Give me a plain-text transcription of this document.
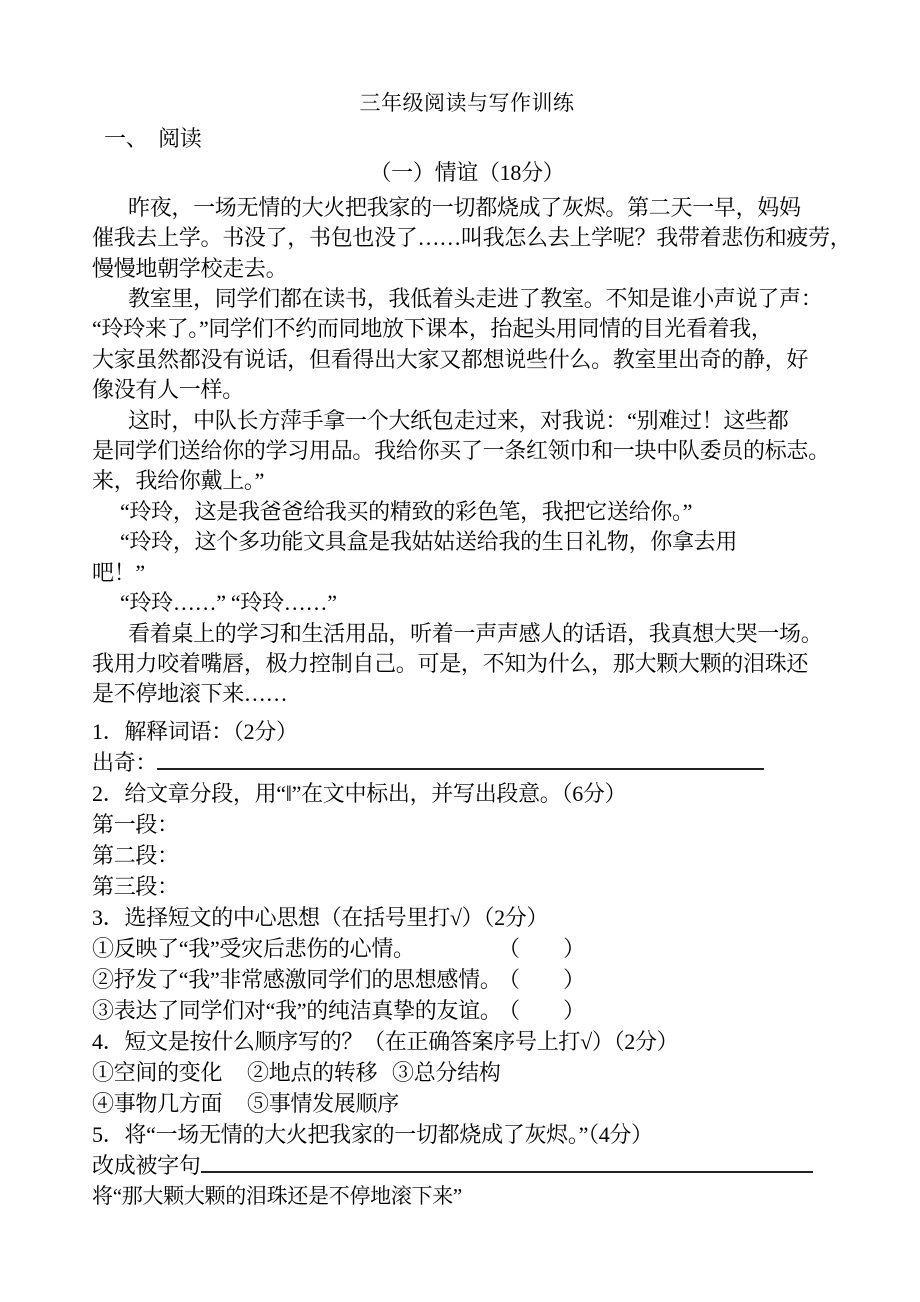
三年级阅读与写作训练
一、　阅读
（一）情谊（18分）
昨夜，一场无情的大火把我家的一切都烧成了灰烬。第二天一早，妈妈
催我去上学。书没了，书包也没了……叫我怎么去上学呢？我带着悲伤和疲劳，
慢慢地朝学校走去。
教室里，同学们都在读书，我低着头走进了教室。不知是谁小声说了声：
“玲玲来了。”同学们不约而同地放下课本，抬起头用同情的目光看着我，
大家虽然都没有说话，但看得出大家又都想说些什么。教室里出奇的静，好
像没有人一样。
这时，中队长方萍手拿一个大纸包走过来，对我说：“别难过！这些都
是同学们送给你的学习用品。我给你买了一条红领巾和一块中队委员的标志。
来，我给你戴上。”
“玲玲，这是我爸爸给我买的精致的彩色笔，我把它送给你。”
“玲玲，这个多功能文具盒是我姑姑送给我的生日礼物，你拿去用
吧！”
“玲玲……” “玲玲……”
看着桌上的学习和生活用品，听着一声声感人的话语，我真想大哭一场。
我用力咬着嘴唇，极力控制自己。可是，不知为什么，那大颗大颗的泪珠还
是不停地滚下来……
1．解释词语：（2分）
出奇：
2．给文章分段，用“‖”在文中标出，并写出段意。（6分）
第一段：
第二段：
第三段：
3．选择短文的中心思想（在括号里打√）（2分）
①反映了“我”受灾后悲伤的心情。	（　　）
②抒发了“我”非常感激同学们的思想感情。
（　　）
③表达了同学们对“我”的纯洁真挚的友谊。
（　　）
4．短文是按什么顺序写的？（在正确答案序号上打√）（2分）
①空间的变化 ②地点的转移 ③总分结构
④事物几方面 ⑤事情发展顺序
5．将“一场无情的大火把我家的一切都烧成了灰烬。”（4分）
改成被字句
将“那大颗大颗的泪珠还是不停地滚下来”
